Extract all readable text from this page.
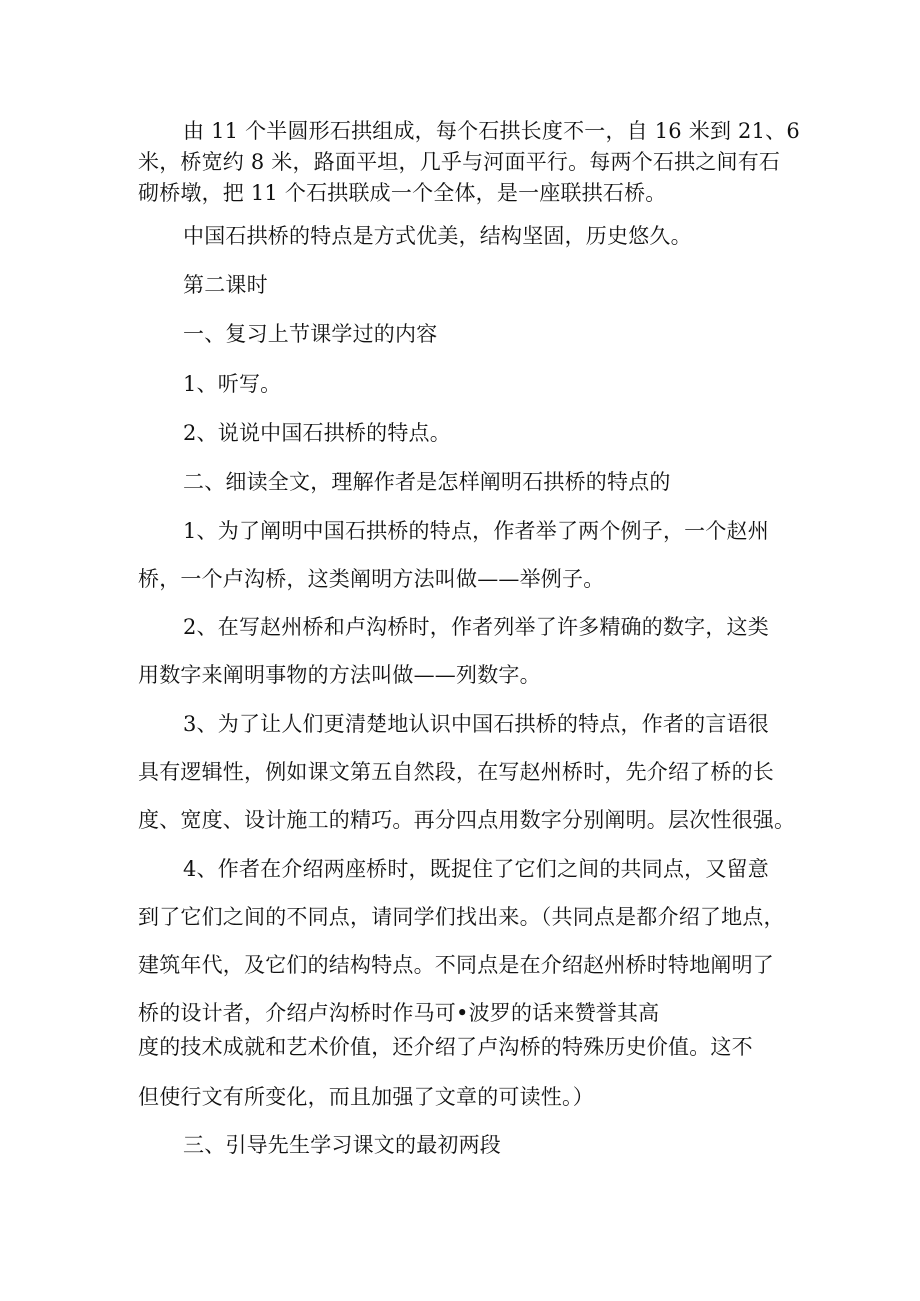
由 11 个半圆形石拱组成，每个石拱长度不一，自 16 米到 21、6
米，桥宽约 8 米，路面平坦，几乎与河面平行。每两个石拱之间有石
砌桥墩，把 11 个石拱联成一个全体，是一座联拱石桥。
中国石拱桥的特点是方式优美，结构坚固，历史悠久。
第二课时
一、复习上节课学过的内容
1、听写。
2、说说中国石拱桥的特点。
二、细读全文，理解作者是怎样阐明石拱桥的特点的
1、为了阐明中国石拱桥的特点，作者举了两个例子，一个赵州
桥，一个卢沟桥，这类阐明方法叫做——举例子。
2、在写赵州桥和卢沟桥时，作者列举了许多精确的数字，这类
用数字来阐明事物的方法叫做——列数字。
3、为了让人们更清楚地认识中国石拱桥的特点，作者的言语很
具有逻辑性，例如课文第五自然段，在写赵州桥时，先介绍了桥的长
度、宽度、设计施工的精巧。再分四点用数字分别阐明。层次性很强。
4、作者在介绍两座桥时，既捉住了它们之间的共同点，又留意
到了它们之间的不同点，请同学们找出来。（共同点是都介绍了地点，
建筑年代，及它们的结构特点。不同点是在介绍赵州桥时特地阐明了
桥的设计者，介绍卢沟桥时作马可•波罗的话来赞誉其高
度的技术成就和艺术价值，还介绍了卢沟桥的特殊历史价值。这不
但使行文有所变化，而且加强了文章的可读性。）
三、引导先生学习课文的最初两段
